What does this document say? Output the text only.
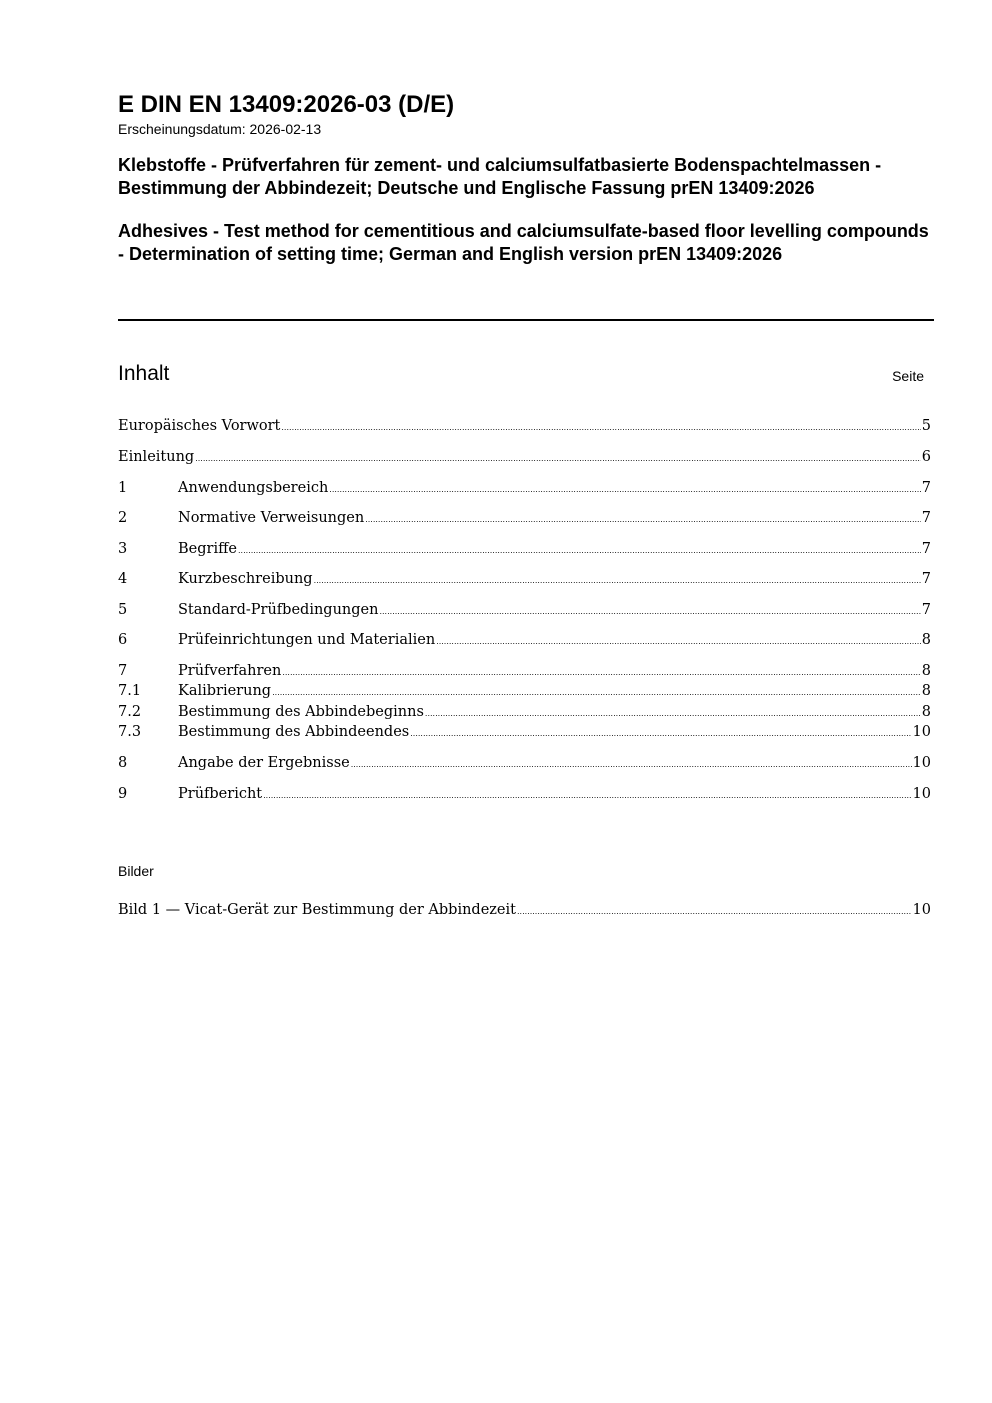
E DIN EN 13409:2026-03 (D/E)

Erscheinungsdatum: 2026-02-13

Klebstoffe - Prüfverfahren für zement- und calciumsulfatbasierte Bodenspachtelmassen - Bestimmung der Abbindezeit; Deutsche und Englische Fassung prEN 13409:2026

Adhesives - Test method for cementitious and calciumsulfate-based floor levelling compounds - Determination of setting time; German and English version prEN 13409:2026

Inhalt	Seite
Europäisches Vorwort .....	5
Einleitung .....	6
1	Anwendungsbereich .....	7
2	Normative Verweisungen .....	7
3	Begriffe .....	7
4	Kurzbeschreibung .....	7
5	Standard-Prüfbedingungen .....	7
6	Prüfeinrichtungen und Materialien .....	8
7	Prüfverfahren .....	8
7.1	Kalibrierung .....	8
7.2	Bestimmung des Abbindebeginns .....	8
7.3	Bestimmung des Abbindeendes .....	10
8	Angabe der Ergebnisse .....	10
9	Prüfbericht .....	10
Bild 1 — Vicat-Gerät zur Bestimmung der Abbindezeit .....	10
Bilder
